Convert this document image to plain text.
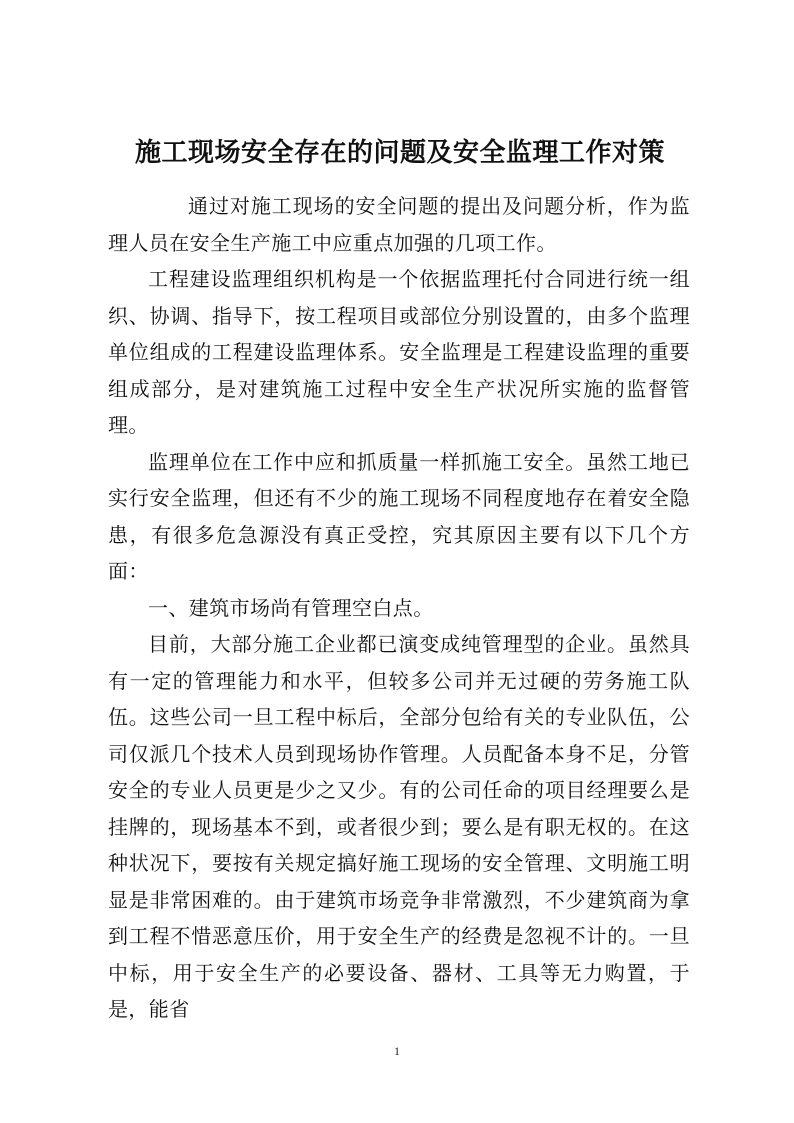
施工现场安全存在的问题及安全监理工作对策

通过对施工现场的安全问题的提出及问题分析，作为监理人员在安全生产施工中应重点加强的几项工作。

工程建设监理组织机构是一个依据监理托付合同进行统一组织、协调、指导下，按工程项目或部位分别设置的，由多个监理单位组成的工程建设监理体系。安全监理是工程建设监理的重要组成部分，是对建筑施工过程中安全生产状况所实施的监督管理。

监理单位在工作中应和抓质量一样抓施工安全。虽然工地已实行安全监理，但还有不少的施工现场不同程度地存在着安全隐患，有很多危急源没有真正受控，究其原因主要有以下几个方面：

一、建筑市场尚有管理空白点。

目前，大部分施工企业都已演变成纯管理型的企业。虽然具有一定的管理能力和水平，但较多公司并无过硬的劳务施工队伍。这些公司一旦工程中标后，全部分包给有关的专业队伍，公司仅派几个技术人员到现场协作管理。人员配备本身不足，分管安全的专业人员更是少之又少。有的公司任命的项目经理要么是挂牌的，现场基本不到，或者很少到；要么是有职无权的。在这种状况下，要按有关规定搞好施工现场的安全管理、文明施工明显是非常困难的。由于建筑市场竞争非常激烈，不少建筑商为拿到工程不惜恶意压价，用于安全生产的经费是忽视不计的。一旦中标，用于安全生产的必要设备、器材、工具等无力购置，于是，能省

1
